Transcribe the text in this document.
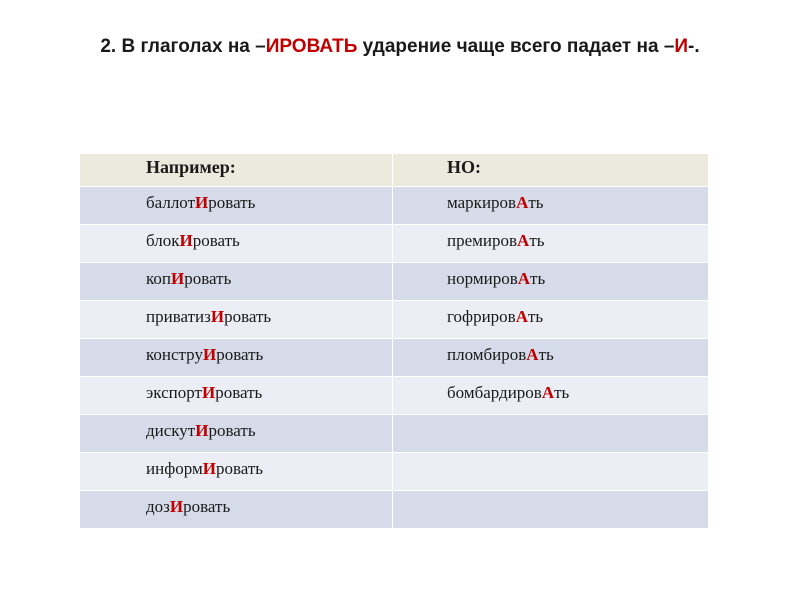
2. В глаголах на –ИРОВАТЬ ударение чаще всего падает на –И-.
Например:	НО:
баллотИровать	маркировАть
блокИровать	премировАть
копИровать	нормировАть
приватизИровать	гофрировАть
конструИровать	пломбировАть
экспортИровать	бомбардировАть
дискутИровать	
информИровать	
дозИровать	
